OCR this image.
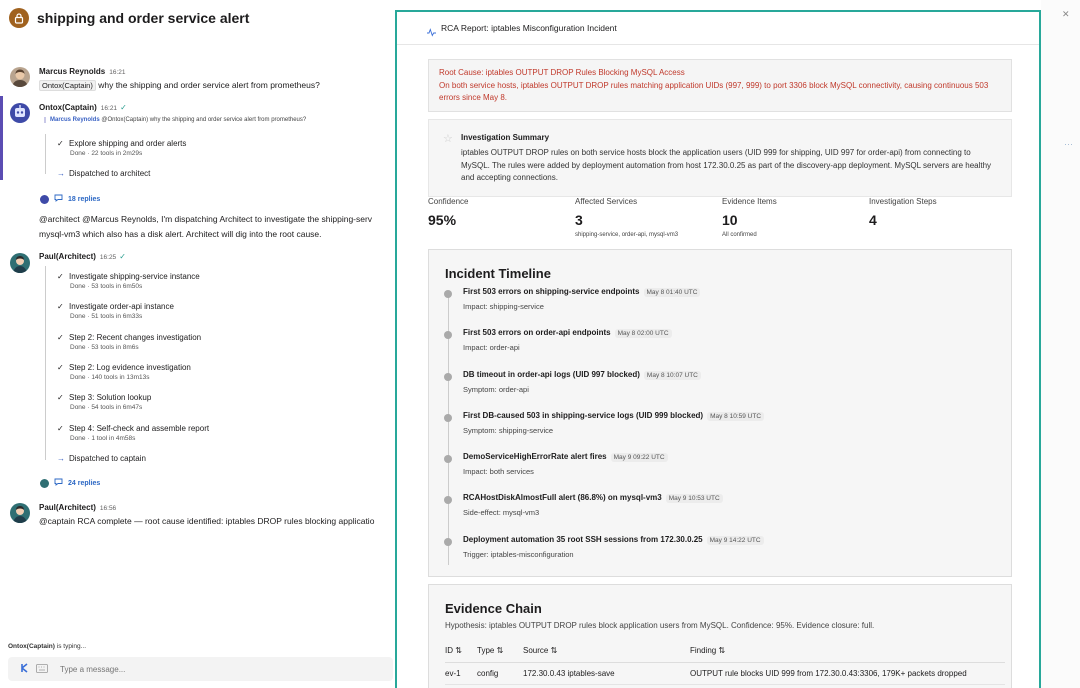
shipping and order service alert
Marcus Reynolds 16:21
Ontox(Captain) why the shipping and order service alert from prometheus?
Ontox(Captain) 16:21 ✓
Marcus Reynolds @Ontox(Captain) why the shipping and order service alert from prometheus?
✓ Explore shipping and order alerts
Done · 22 tools in 2m29s
→ Dispatched to architect
18 replies
@architect @Marcus Reynolds, I'm dispatching Architect to investigate the shipping-serv
mysql-vm3 which also has a disk alert. Architect will dig into the root cause.
Paul(Architect) 16:25 ✓
✓ Investigate shipping-service instance
Done · 53 tools in 6m50s
✓ Investigate order-api instance
Done · 51 tools in 6m33s
✓ Step 2: Recent changes investigation
Done · 53 tools in 8m6s
✓ Step 2: Log evidence investigation
Done · 140 tools in 13m13s
✓ Step 3: Solution lookup
Done · 54 tools in 6m47s
✓ Step 4: Self-check and assemble report
Done · 1 tool in 4m58s
→ Dispatched to captain
24 replies
Paul(Architect) 16:56
@captain RCA complete — root cause identified: iptables DROP rules blocking applicatio
Ontox(Captain) is typing...
Type a message...
✕
···
RCA Report: iptables Misconfiguration Incident
Root Cause: iptables OUTPUT DROP Rules Blocking MySQL Access
On both service hosts, iptables OUTPUT DROP rules matching application UIDs (997, 999) to port 3306 block MySQL connectivity, causing continuous 503 errors since May 8.
☆ Investigation Summary
iptables OUTPUT DROP rules on both service hosts block the application users (UID 999 for shipping, UID 997 for order-api) from connecting to MySQL. The rules were added by deployment automation from host 172.30.0.25 as part of the discovery-app deployment. MySQL servers are healthy and accepting connections.
Confidence
95%
Affected Services
3
shipping-service, order-api, mysql-vm3
Evidence Items
10
All confirmed
Investigation Steps
4
Incident Timeline
First 503 errors on shipping-service endpoints May 8 01:40 UTC
Impact: shipping-service
First 503 errors on order-api endpoints May 8 02:00 UTC
Impact: order-api
DB timeout in order-api logs (UID 997 blocked) May 8 10:07 UTC
Symptom: order-api
First DB-caused 503 in shipping-service logs (UID 999 blocked) May 8 10:59 UTC
Symptom: shipping-service
DemoServiceHighErrorRate alert fires May 9 09:22 UTC
Impact: both services
RCAHostDiskAlmostFull alert (86.8%) on mysql-vm3 May 9 10:53 UTC
Side-effect: mysql-vm3
Deployment automation 35 root SSH sessions from 172.30.0.25 May 9 14:22 UTC
Trigger: iptables-misconfiguration
Evidence Chain
Hypothesis: iptables OUTPUT DROP rules block application users from MySQL. Confidence: 95%. Evidence closure: full.
ID ⇅	Type ⇅	Source ⇅	Finding ⇅
ev-1	config	172.30.0.43 iptables-save	OUTPUT rule blocks UID 999 from 172.30.0.43:3306, 179K+ packets dropped
